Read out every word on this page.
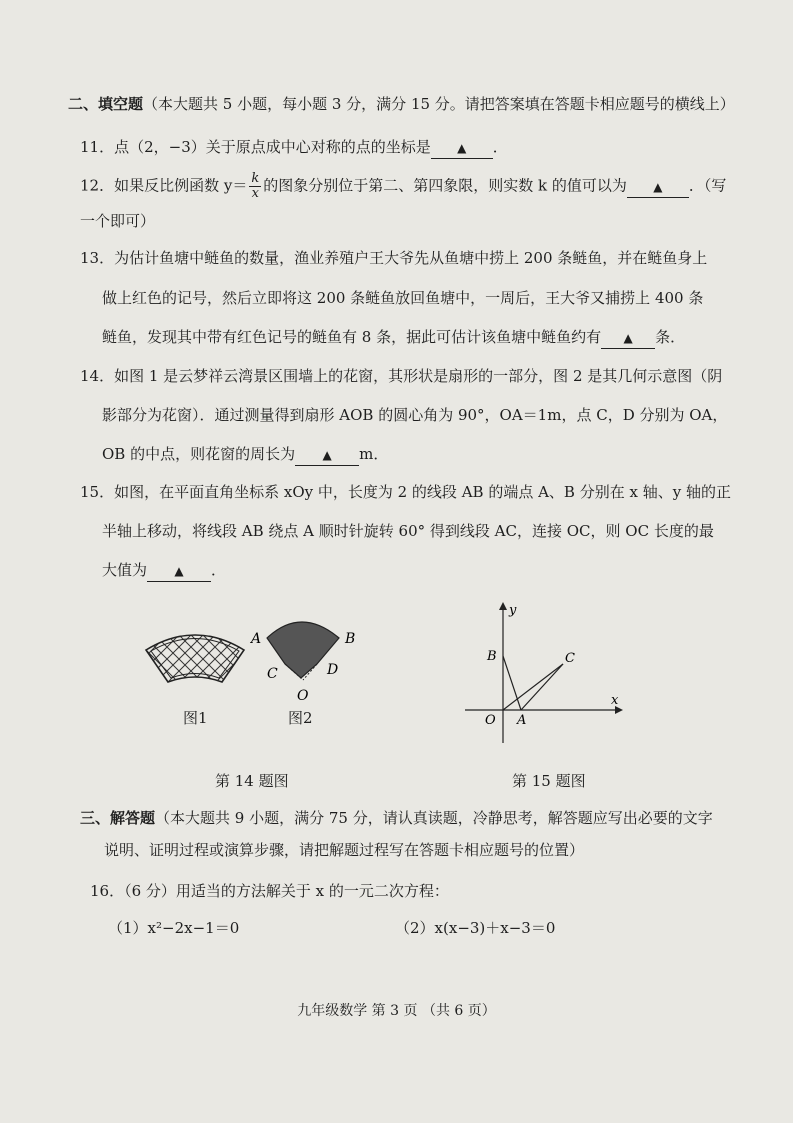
二、填空题（本大题共 5 小题，每小题 3 分，满分 15 分。请把答案填在答题卡相应题号的横线上）
11．点（2，−3）关于原点成中心对称的点的坐标是 ▲ ．
12．如果反比例函数 $y= \frac{k}{x}$ 的图象分别位于第二、第四象限，则实数 k 的值可以为 ▲ ．（写
一个即可）
13．为估计鱼塘中鲢鱼的数量，渔业养殖户王大爷先从鱼塘中捞上 200 条鲢鱼，并在鲢鱼身上
做上红色的记号，然后立即将这 200 条鲢鱼放回鱼塘中，一周后，王大爷又捕捞上 400 条
鲢鱼，发现其中带有红色记号的鲢鱼有 8 条，据此可估计该鱼塘中鲢鱼约有 ▲ 条．
14．如图 1 是云梦祥云湾景区围墙上的花窗，其形状是扇形的一部分，图 2 是其几何示意图（阴
影部分为花窗）．通过测量得到扇形 AOB 的圆心角为 90°，OA＝1m，点 C，D 分别为 OA，
OB 的中点，则花窗的周长为 ▲ m．
15．如图，在平面直角坐标系 xOy 中，长度为 2 的线段 AB 的端点 A、B 分别在 x 轴、y 轴的正
半轴上移动，将线段 AB 绕点 A 顺时针旋转 60° 得到线段 AC，连接 OC，则 OC 长度的最
大值为 ▲ ．
A	B
C	D
O
图1	图2
第 14 题图
y
x
B	C
O A
第 15 题图
三、解答题（本大题共 9 小题，满分 75 分，请认真读题，冷静思考，解答题应写出必要的文字
说明、证明过程或演算步骤，请把解题过程写在答题卡相应题号的位置）
16．（6 分）用适当的方法解关于 x 的一元二次方程：
（1）x²−2x−1＝0	（2）x(x−3)＋x−3＝0
九年级数学 第 3 页 （共 6 页）
